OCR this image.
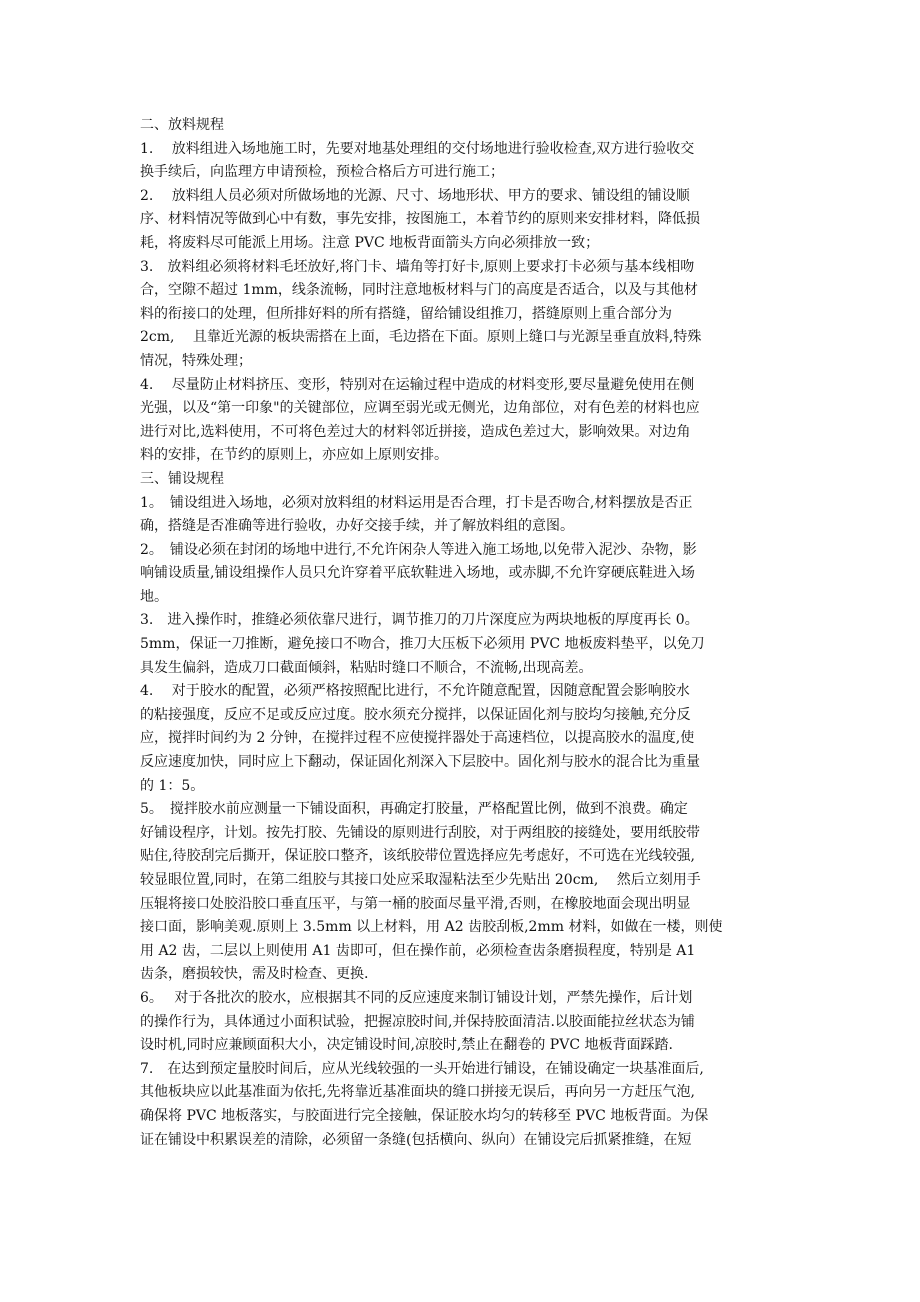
二、放料规程
1.　 放料组进入场地施工时，先要对地基处理组的交付场地进行验收检查,双方进行验收交
换手续后，向监理方申请预检，预检合格后方可进行施工；
2.　 放料组人员必须对所做场地的光源、尺寸、场地形状、甲方的要求、铺设组的铺设顺
序、材料情况等做到心中有数，事先安排，按图施工，本着节约的原则来安排材料，降低损
耗，将废料尽可能派上用场。注意 PVC 地板背面箭头方向必须排放一致；
3.　放料组必须将材料毛坯放好,将门卡、墙角等打好卡,原则上要求打卡必须与基本线相吻
合，空隙不超过 1mm，线条流畅，同时注意地板材料与门的高度是否适合，以及与其他材
料的衔接口的处理，但所排好料的所有搭缝，留给铺设组推刀，搭缝原则上重合部分为
2cm,　 且靠近光源的板块需搭在上面，毛边搭在下面。原则上缝口与光源呈垂直放料,特殊
情况，特殊处理；
4.　 尽量防止材料挤压、变形，特别对在运输过程中造成的材料变形,要尽量避免使用在侧
光强，以及“第一印象"的关键部位，应调至弱光或无侧光，边角部位，对有色差的材料也应
进行对比,选料使用，不可将色差过大的材料邻近拼接，造成色差过大，影响效果。对边角
料的安排，在节约的原则上，亦应如上原则安排。
三、铺设规程
1。　铺设组进入场地，必须对放料组的材料运用是否合理，打卡是否吻合,材料摆放是否正
确，搭缝是否准确等进行验收，办好交接手续，并了解放料组的意图。
2。　铺设必须在封闭的场地中进行,不允许闲杂人等进入施工场地,以免带入泥沙、杂物，影
响铺设质量,铺设组操作人员只允许穿着平底软鞋进入场地，或赤脚,不允许穿硬底鞋进入场
地。
3.　进入操作时，推缝必须依靠尺进行，调节推刀的刀片深度应为两块地板的厚度再长 0。
5mm，保证一刀推断，避免接口不吻合，推刀大压板下必须用 PVC 地板废料垫平，以免刀
具发生偏斜，造成刀口截面倾斜，粘贴时缝口不顺合，不流畅,出现高差。
4.　 对于胶水的配置，必须严格按照配比进行，不允许随意配置，因随意配置会影响胶水
的粘接强度，反应不足或反应过度。胶水须充分搅拌，以保证固化剂与胶均匀接触,充分反
应，搅拌时间约为 2 分钟，在搅拌过程不应使搅拌器处于高速档位，以提高胶水的温度,使
反应速度加快，同时应上下翻动，保证固化剂深入下层胶中。固化剂与胶水的混合比为重量
的 1：5。
5。　搅拌胶水前应测量一下铺设面积，再确定打胶量，严格配置比例，做到不浪费。确定
好铺设程序，计划。按先打胶、先铺设的原则进行刮胶，对于两组胶的接缝处，要用纸胶带
贴住,待胶刮完后撕开，保证胶口整齐，该纸胶带位置选择应先考虑好，不可选在光线较强,
较显眼位置,同时，在第二组胶与其接口处应采取湿粘法至少先贴出 20cm,　 然后立刻用手
压辊将接口处胶沿胶口垂直压平，与第一桶的胶面尽量平滑,否则，在橡胶地面会现出明显
接口面，影响美观.原则上 3.5mm 以上材料，用 A2 齿胶刮板,2mm 材料，如做在一楼，则使
用 A2 齿，二层以上则使用 A1 齿即可，但在操作前，必须检查齿条磨损程度，特别是 A1
齿条，磨损较快，需及时检查、更换.
6。　 对于各批次的胶水，应根据其不同的反应速度来制订铺设计划，严禁先操作，后计划
的操作行为，具体通过小面积试验，把握凉胶时间,并保持胶面清洁.以胶面能拉丝状态为铺
设时机,同时应兼顾面积大小，决定铺设时间,凉胶时,禁止在翻卷的 PVC 地板背面踩踏.
7.　在达到预定量胶时间后，应从光线较强的一头开始进行铺设，在铺设确定一块基准面后,
其他板块应以此基准面为依托,先将靠近基准面块的缝口拼接无误后，再向另一方赶压气泡,
确保将 PVC 地板落实，与胶面进行完全接触，保证胶水均匀的转移至 PVC 地板背面。为保
证在铺设中积累误差的清除，必须留一条缝(包括横向、纵向）在铺设完后抓紧推缝，在短
